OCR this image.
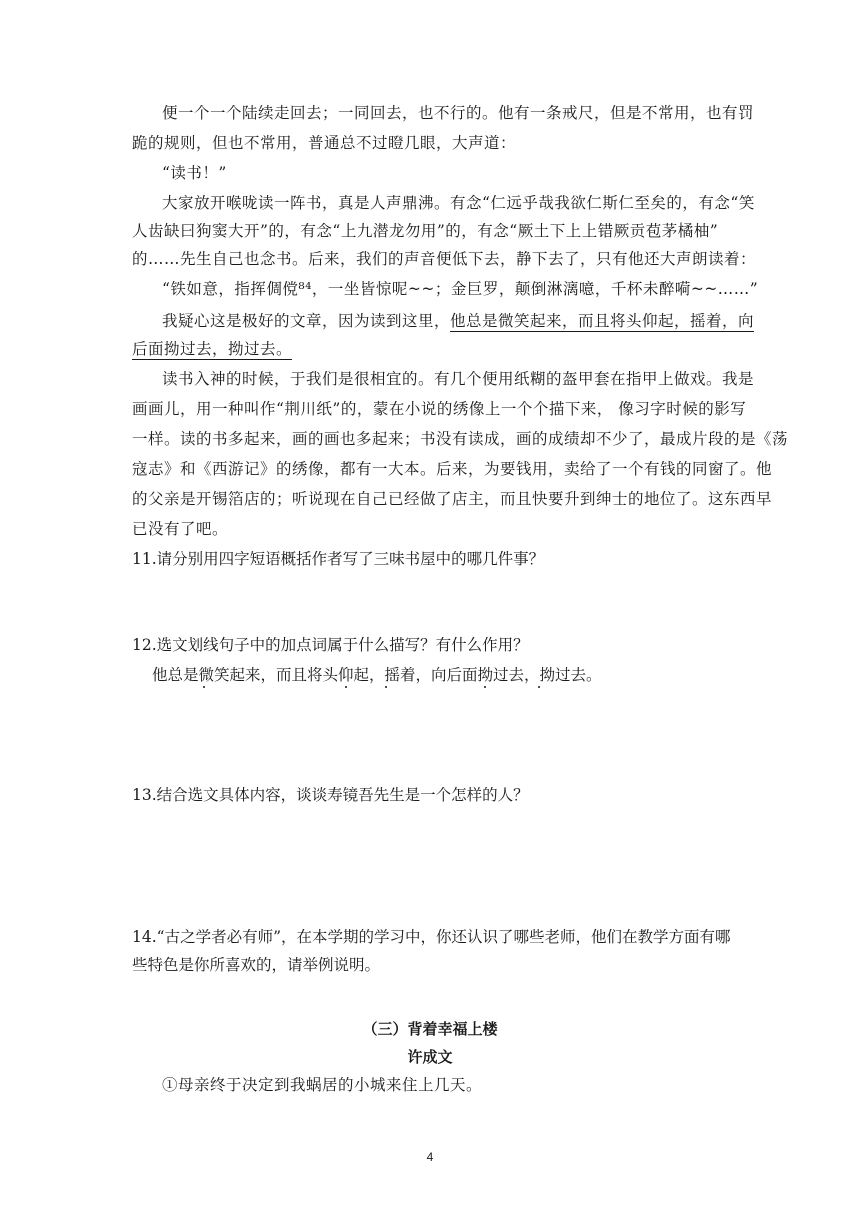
便一个一个陆续走回去；一同回去，也不行的。他有一条戒尺，但是不常用，也有罚

跪的规则，但也不常用，普通总不过瞪几眼，大声道：

“读书！”

大家放开喉咙读一阵书，真是人声鼎沸。有念“仁远乎哉我欲仁斯仁至矣的，有念“笑

人齿缺曰狗窦大开”的，有念“上九潜龙勿用”的，有念“厥土下上上错厥贡苞茅橘柚”

的……先生自己也念书。后来，我们的声音便低下去，静下去了，只有他还大声朗读着：

“铁如意，指挥倜傥⁸⁴，一坐皆惊呢~~；金巨罗，颠倒淋漓噫，千杯未醉嗬~~……”

我疑心这是极好的文章，因为读到这里，他总是微笑起来，而且将头仰起，摇着，向

后面拗过去，拗过去。

读书入神的时候，于我们是很相宜的。有几个便用纸糊的盔甲套在指甲上做戏。我是

画画儿，用一种叫作“荆川纸”的，蒙在小说的绣像上一个个描下来， 像习字时候的影写

一样。读的书多起来，画的画也多起来；书没有读成，画的成绩却不少了，最成片段的是《荡

寇志》和《西游记》的绣像，都有一大本。后来，为要钱用，卖给了一个有钱的同窗了。他

的父亲是开锡箔店的；听说现在自己已经做了店主，而且快要升到绅士的地位了。这东西早

已没有了吧。

11.请分别用四字短语概括作者写了三味书屋中的哪几件事？

12.选文划线句子中的加点词属于什么描写？有什么作用？

他总是微笑起来，而且将头仰起，摇着，向后面拗过去，拗过去。

13.结合选文具体内容，谈谈寿镜吾先生是一个怎样的人？

14.“古之学者必有师”，在本学期的学习中，你还认识了哪些老师，他们在教学方面有哪

些特色是你所喜欢的，请举例说明。

（三）背着幸福上楼

许成文

①母亲终于决定到我蜗居的小城来住上几天。

4
